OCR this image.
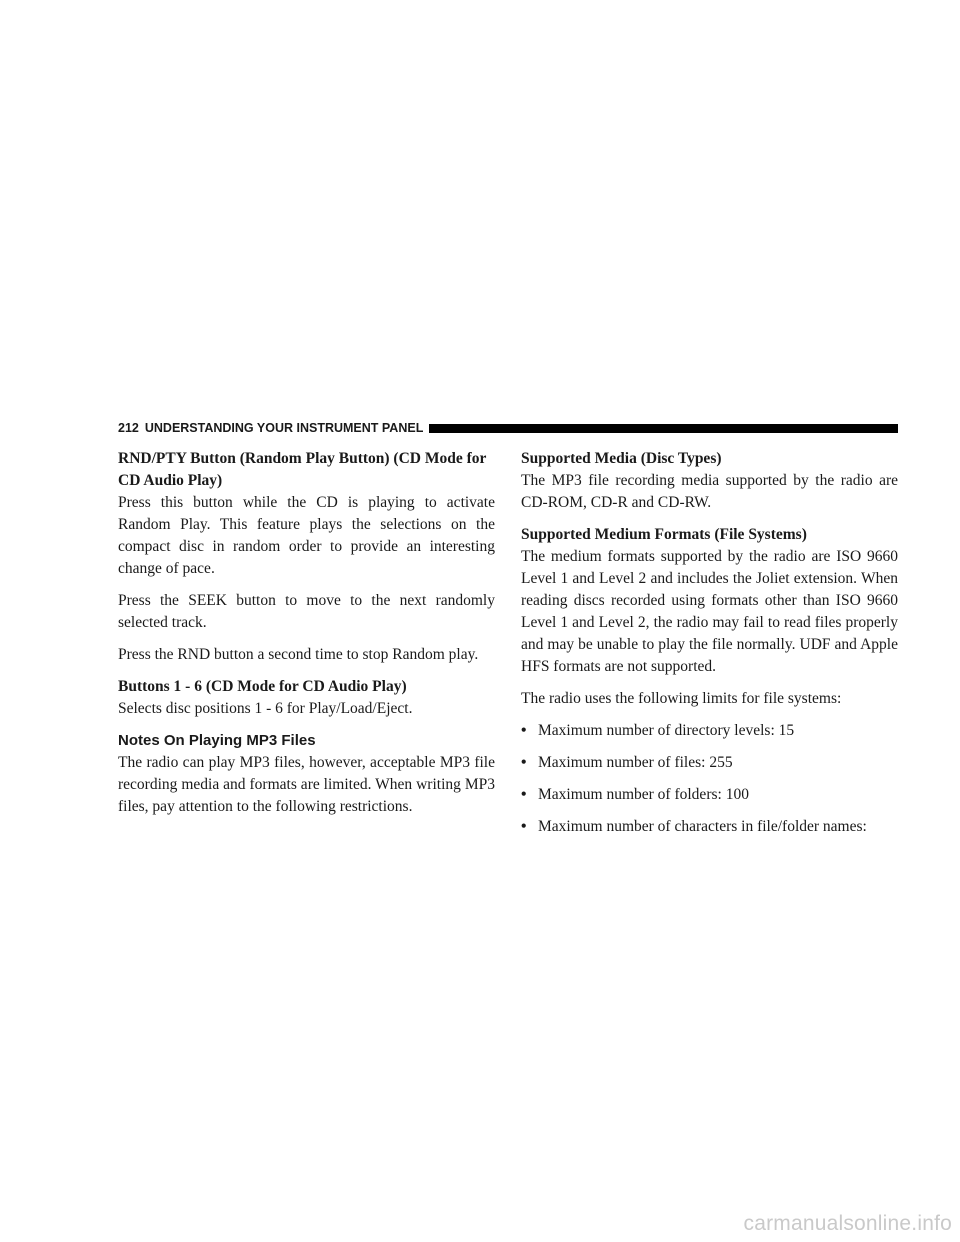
212 UNDERSTANDING YOUR INSTRUMENT PANEL
RND/PTY Button (Random Play Button) (CD Mode for CD Audio Play)

Press this button while the CD is playing to activate Random Play. This feature plays the selections on the compact disc in random order to provide an interesting change of pace.

Press the SEEK button to move to the next randomly selected track.

Press the RND button a second time to stop Random play.

Buttons 1 - 6 (CD Mode for CD Audio Play)

Selects disc positions 1 - 6 for Play/Load/Eject.

Notes On Playing MP3 Files

The radio can play MP3 files, however, acceptable MP3 file recording media and formats are limited. When writing MP3 files, pay attention to the following restrictions.

Supported Media (Disc Types)

The MP3 file recording media supported by the radio are CD-ROM, CD-R and CD-RW.

Supported Medium Formats (File Systems)

The medium formats supported by the radio are ISO 9660 Level 1 and Level 2 and includes the Joliet extension. When reading discs recorded using formats other than ISO 9660 Level 1 and Level 2, the radio may fail to read files properly and may be unable to play the file normally. UDF and Apple HFS formats are not supported.

The radio uses the following limits for file systems:

• Maximum number of directory levels: 15
• Maximum number of files: 255
• Maximum number of folders: 100
• Maximum number of characters in file/folder names:
carmanualsonline.info
